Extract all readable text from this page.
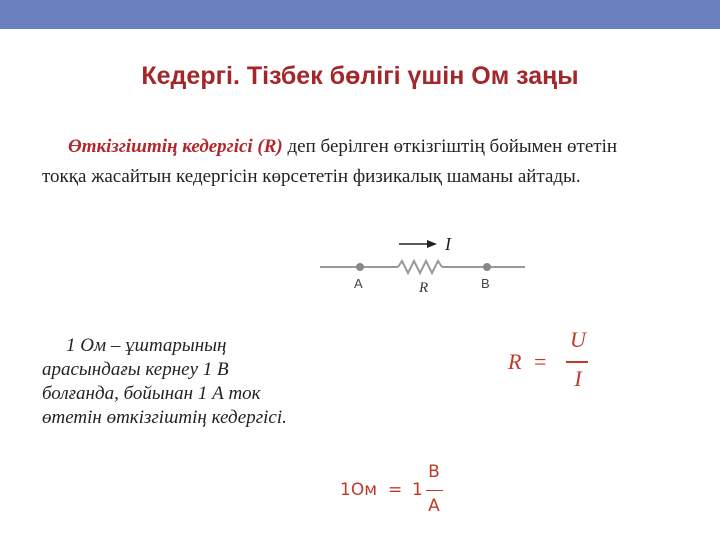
Кедергі. Тізбек бөлігі үшін Ом заңы
Өткізгіштің кедергісі (R) деп берілген өткізгіштің бойымен өтетін токқа жасайтын кедергісін көрсететін физикалық шаманы айтады.
I
R
A	B
1 Ом – ұштарының арасындағы кернеу 1 В болғанда, бойынан 1 А ток өтетін өткізгіштің кедергісі.
R =
U
I
1Ом = 1
В
А
